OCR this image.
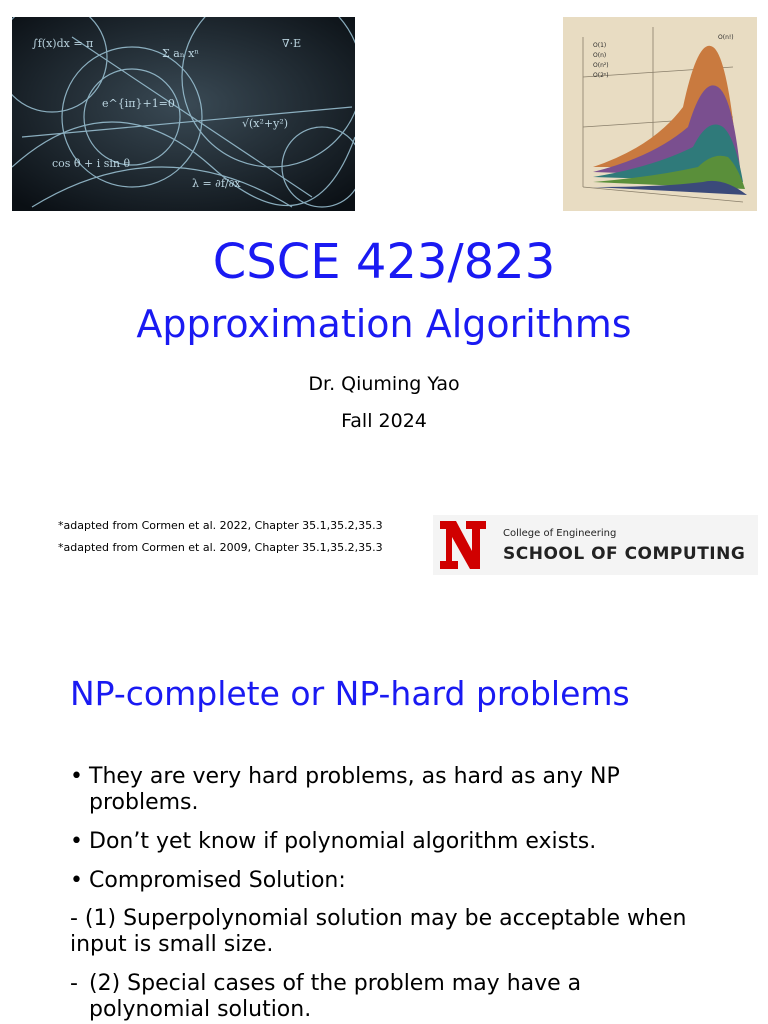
∫f(x)dx = π
Σ aₙ xⁿ
√(x²+y²)
cos θ + i sin θ
λ = ∂f/∂x
e^{iπ}+1=0
∇·E	O(1)
O(n)
O(n²)
O(2ⁿ)
O(n!)
CSCE 423/823
Approximation Algorithms
Dr. Qiuming Yao
Fall 2024
*adapted from Cormen et al. 2022, Chapter 35.1,35.2,35.3
*adapted from Cormen et al. 2009, Chapter 35.1,35.2,35.3
College of Engineering
SCHOOL OF COMPUTING
NP-complete or NP-hard problems
• They are very hard problems, as hard as any NP problems.
• Don’t yet know if polynomial algorithm exists.
• Compromised Solution:
- (1) Superpolynomial solution may be acceptable when input is small size.
- (2) Special cases of the problem may have a polynomial solution.
